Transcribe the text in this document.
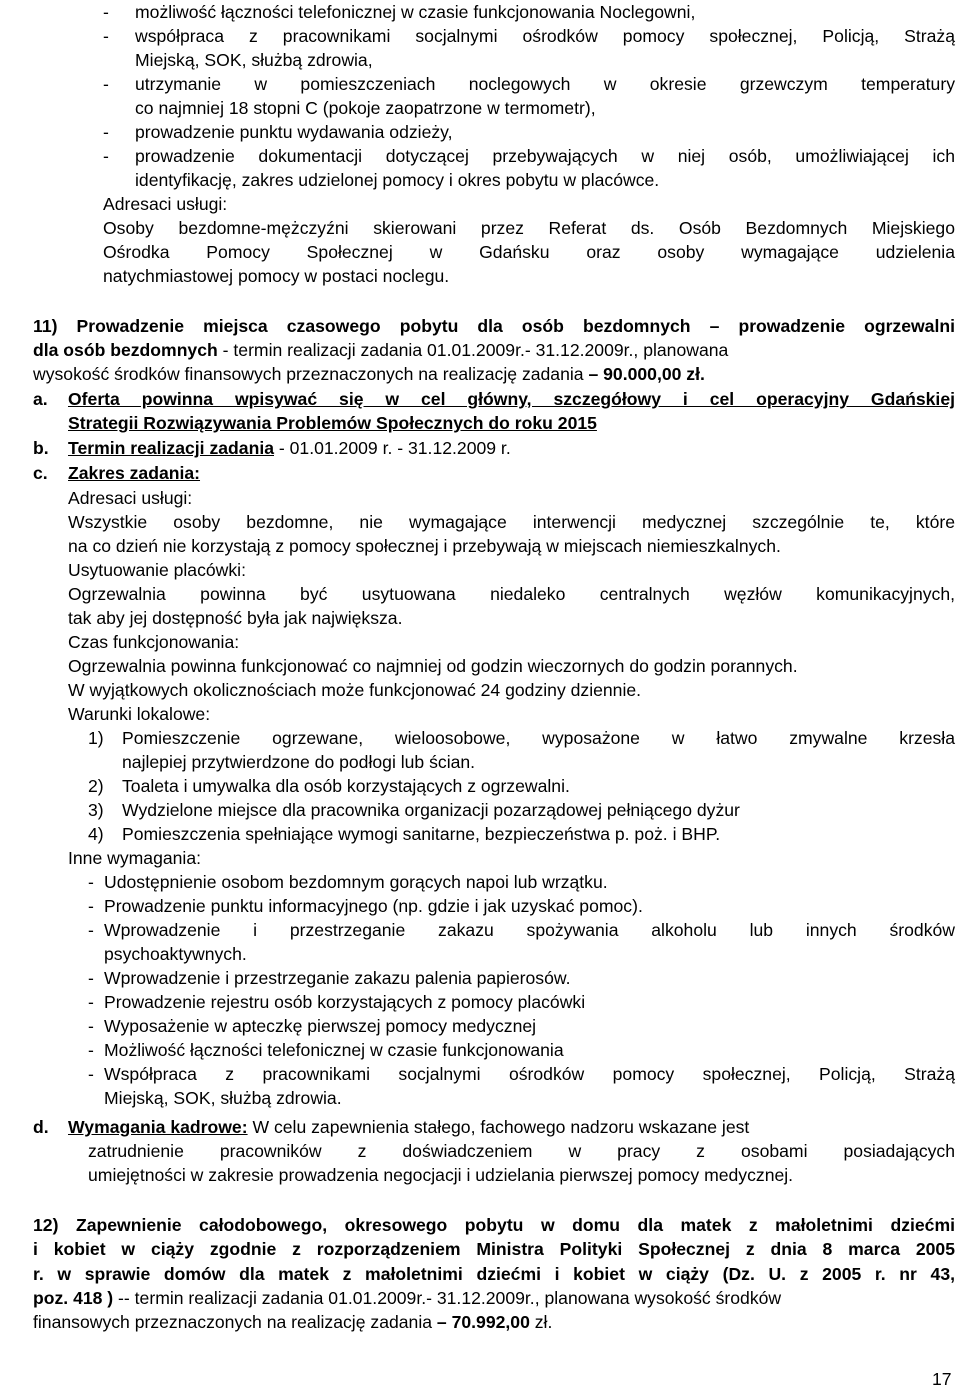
- możliwość łączności telefonicznej w czasie funkcjonowania Noclegowni,
- współpraca z pracownikami socjalnymi ośrodków pomocy społecznej, Policją, Strażą
Miejską, SOK, służbą zdrowia,
- utrzymanie w pomieszczeniach noclegowych w okresie grzewczym temperatury
co najmniej 18 stopni C (pokoje zaopatrzone w termometr),
- prowadzenie punktu wydawania odzieży,
- prowadzenie dokumentacji dotyczącej przebywających w niej osób, umożliwiającej ich
identyfikację, zakres udzielonej pomocy i okres pobytu w placówce.
Adresaci usługi:
Osoby bezdomne-mężczyźni skierowani przez Referat ds. Osób Bezdomnych Miejskiego
Ośrodka Pomocy Społecznej w Gdańsku oraz osoby wymagające udzielenia
natychmiastowej pomocy w postaci noclegu.
11) Prowadzenie miejsca czasowego pobytu dla osób bezdomnych – prowadzenie ogrzewalni
dla osób bezdomnych - termin realizacji zadania 01.01.2009r.- 31.12.2009r., planowana
wysokość środków finansowych przeznaczonych na realizację zadania – 90.000,00 zł.
a. Oferta powinna wpisywać się w cel główny, szczegółowy i cel operacyjny Gdańskiej
Strategii Rozwiązywania Problemów Społecznych do roku 2015
b. Termin realizacji zadania - 01.01.2009 r. - 31.12.2009 r.
c. Zakres zadania:
Adresaci usługi:
Wszystkie osoby bezdomne, nie wymagające interwencji medycznej szczególnie te, które
na co dzień nie korzystają z pomocy społecznej i przebywają w miejscach niemieszkalnych.
Usytuowanie placówki:
Ogrzewalnia powinna być usytuowana niedaleko centralnych węzłów komunikacyjnych,
tak aby jej dostępność była jak największa.
Czas funkcjonowania:
Ogrzewalnia powinna funkcjonować co najmniej od godzin wieczornych do godzin porannych.
W wyjątkowych okolicznościach może funkcjonować 24 godziny dziennie.
Warunki lokalowe:
1) Pomieszczenie ogrzewane, wieloosobowe, wyposażone w łatwo zmywalne krzesła
najlepiej przytwierdzone do podłogi lub ścian.
2) Toaleta i umywalka dla osób korzystających z ogrzewalni.
3) Wydzielone miejsce dla pracownika organizacji pozarządowej pełniącego dyżur
4) Pomieszczenia spełniające wymogi sanitarne, bezpieczeństwa p. poż. i BHP.
Inne wymagania:
- Udostępnienie osobom bezdomnym gorących napoi lub wrzątku.
- Prowadzenie punktu informacyjnego (np. gdzie i jak uzyskać pomoc).
- Wprowadzenie i przestrzeganie zakazu spożywania alkoholu lub innych środków
psychoaktywnych.
- Wprowadzenie i przestrzeganie zakazu palenia papierosów.
- Prowadzenie rejestru osób korzystających z pomocy placówki
- Wyposażenie w apteczkę pierwszej pomocy medycznej
- Możliwość łączności telefonicznej w czasie funkcjonowania
- Współpraca z pracownikami socjalnymi ośrodków pomocy społecznej, Policją, Strażą
Miejską, SOK, służbą zdrowia.
d. Wymagania kadrowe: W celu zapewnienia stałego, fachowego nadzoru wskazane jest
zatrudnienie pracowników z doświadczeniem w pracy z osobami posiadających
umiejętności w zakresie prowadzenia negocjacji i udzielania pierwszej pomocy medycznej.
12) Zapewnienie całodobowego, okresowego pobytu w domu dla matek z małoletnimi dziećmi
i kobiet w ciąży zgodnie z rozporządzeniem Ministra Polityki Społecznej z dnia 8 marca 2005
r. w sprawie domów dla matek z małoletnimi dziećmi i kobiet w ciąży (Dz. U. z 2005 r. nr 43,
poz. 418 ) -- termin realizacji zadania 01.01.2009r.- 31.12.2009r., planowana wysokość środków
finansowych przeznaczonych na realizację zadania – 70.992,00 zł.
17
